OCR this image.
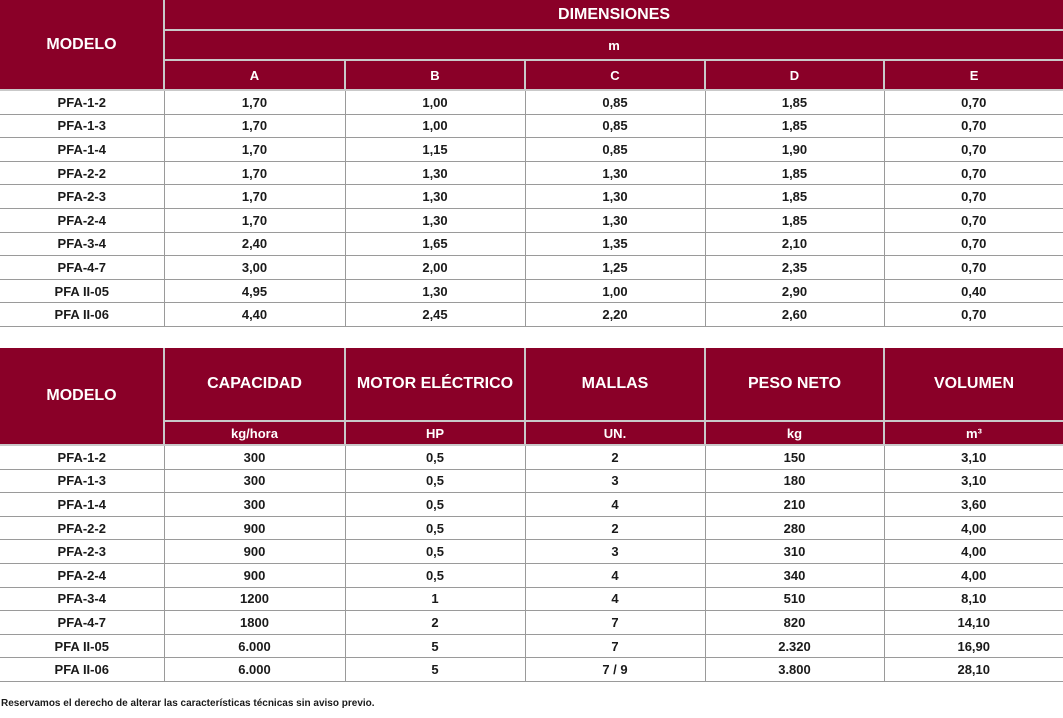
MODELO	DIMENSIONES				
	m				
	A	B	C	D	E
PFA-1-2	1,70	1,00	0,85	1,85	0,70
PFA-1-3	1,70	1,00	0,85	1,85	0,70
PFA-1-4	1,70	1,15	0,85	1,90	0,70
PFA-2-2	1,70	1,30	1,30	1,85	0,70
PFA-2-3	1,70	1,30	1,30	1,85	0,70
PFA-2-4	1,70	1,30	1,30	1,85	0,70
PFA-3-4	2,40	1,65	1,35	2,10	0,70
PFA-4-7	3,00	2,00	1,25	2,35	0,70
PFA II-05	4,95	1,30	1,00	2,90	0,40
PFA II-06	4,40	2,45	2,20	2,60	0,70
MODELO	CAPACIDAD	MOTOR ELÉCTRICO	MALLAS	PESO NETO	VOLUMEN
	kg/hora	HP	UN.	kg	m³
PFA-1-2	300	0,5	2	150	3,10
PFA-1-3	300	0,5	3	180	3,10
PFA-1-4	300	0,5	4	210	3,60
PFA-2-2	900	0,5	2	280	4,00
PFA-2-3	900	0,5	3	310	4,00
PFA-2-4	900	0,5	4	340	4,00
PFA-3-4	1200	1	4	510	8,10
PFA-4-7	1800	2	7	820	14,10
PFA II-05	6.000	5	7	2.320	16,90
PFA II-06	6.000	5	7 / 9	3.800	28,10
Reservamos el derecho de alterar las características técnicas sin aviso previo.
